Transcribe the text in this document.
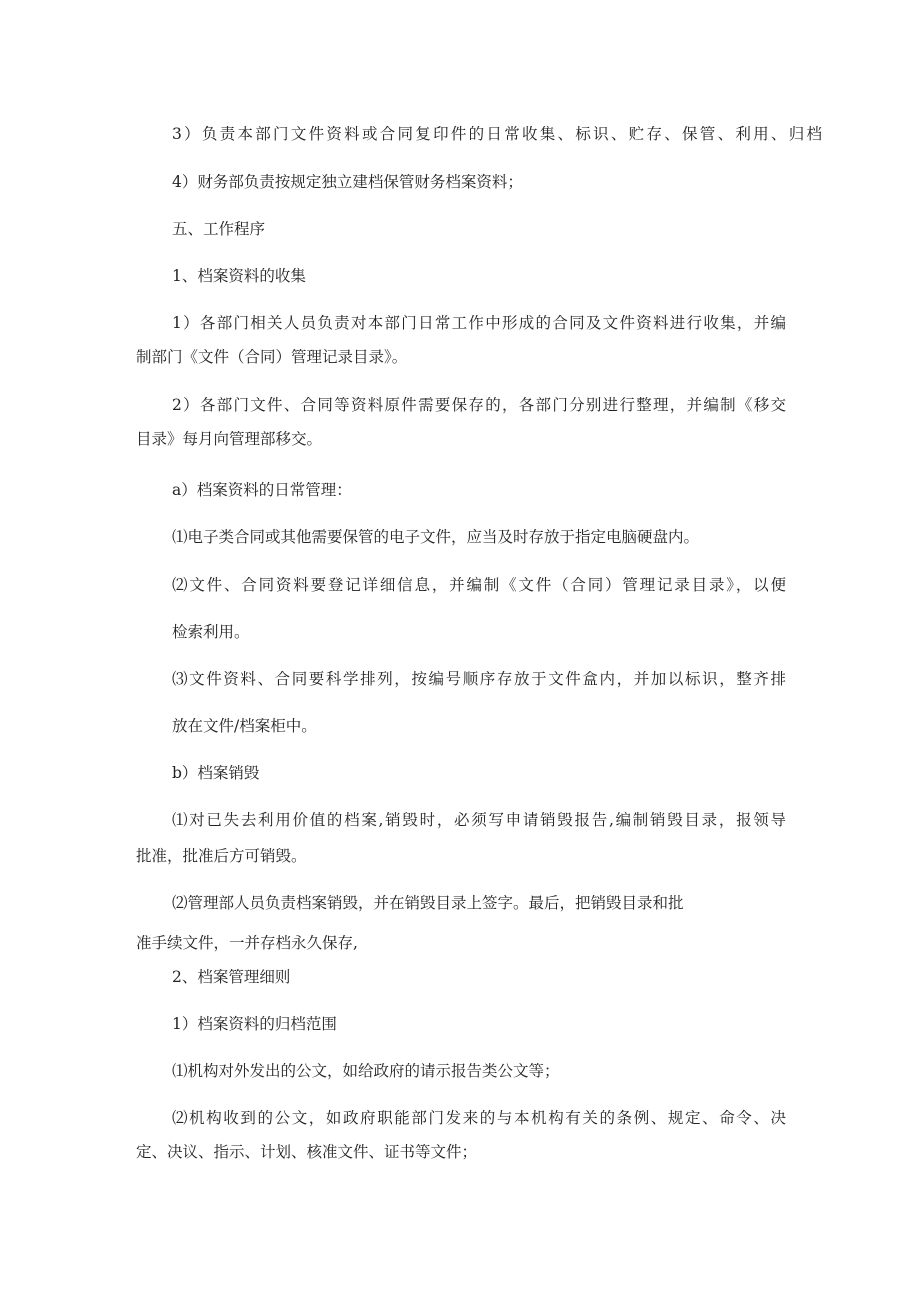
3）负责本部门文件资料或合同复印件的日常收集、标识、贮存、保管、利用、归档
4）财务部负责按规定独立建档保管财务档案资料；
五、工作程序
1、档案资料的收集
1）各部门相关人员负责对本部门日常工作中形成的合同及文件资料进行收集，并编
制部门《文件（合同）管理记录目录》。
2）各部门文件、合同等资料原件需要保存的，各部门分别进行整理，并编制《移交
目录》每月向管理部移交。
a）档案资料的日常管理：
⑴电子类合同或其他需要保管的电子文件，应当及时存放于指定电脑硬盘内。
⑵文件、合同资料要登记详细信息，并编制《文件（合同）管理记录目录》，以便
检索利用。
⑶文件资料、合同要科学排列，按编号顺序存放于文件盒内，并加以标识，整齐排
放在文件/档案柜中。
b）档案销毁
⑴对已失去利用价值的档案,销毁时，必须写申请销毁报告,编制销毁目录，报领导
批准，批准后方可销毁。
⑵管理部人员负责档案销毁，并在销毁目录上签字。最后，把销毁目录和批
准手续文件，一并存档永久保存,
2、档案管理细则
1）档案资料的归档范围
⑴机构对外发出的公文，如给政府的请示报告类公文等；
⑵机构收到的公文，如政府职能部门发来的与本机构有关的条例、规定、命令、决
定、决议、指示、计划、核准文件、证书等文件；
